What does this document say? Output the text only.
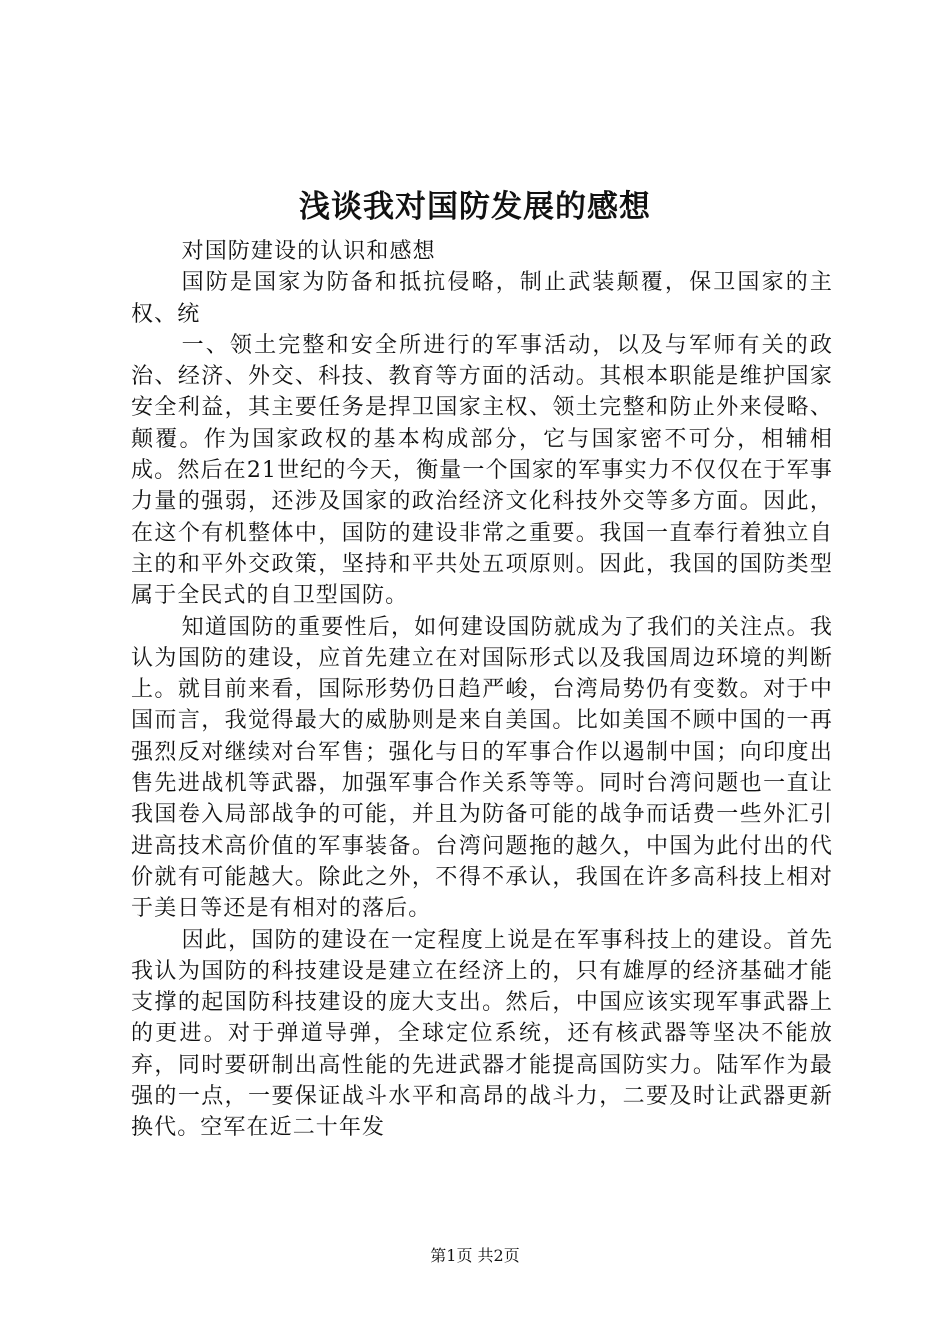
浅谈我对国防发展的感想

对国防建设的认识和感想

国防是国家为防备和抵抗侵略，制止武装颠覆，保卫国家的主权、统

一、领土完整和安全所进行的军事活动，以及与军师有关的政治、经济、外交、科技、教育等方面的活动。其根本职能是维护国家安全利益，其主要任务是捍卫国家主权、领土完整和防止外来侵略、颠覆。作为国家政权的基本构成部分，它与国家密不可分，相辅相成。然后在21世纪的今天，衡量一个国家的军事实力不仅仅在于军事力量的强弱，还涉及国家的政治经济文化科技外交等多方面。因此，在这个有机整体中，国防的建设非常之重要。我国一直奉行着独立自主的和平外交政策，坚持和平共处五项原则。因此，我国的国防类型属于全民式的自卫型国防。

知道国防的重要性后，如何建设国防就成为了我们的关注点。我认为国防的建设，应首先建立在对国际形式以及我国周边环境的判断上。就目前来看，国际形势仍日趋严峻，台湾局势仍有变数。对于中国而言，我觉得最大的威胁则是来自美国。比如美国不顾中国的一再强烈反对继续对台军售；强化与日的军事合作以遏制中国；向印度出售先进战机等武器，加强军事合作关系等等。同时台湾问题也一直让我国卷入局部战争的可能，并且为防备可能的战争而话费一些外汇引进高技术高价值的军事装备。台湾问题拖的越久，中国为此付出的代价就有可能越大。除此之外，不得不承认，我国在许多高科技上相对于美日等还是有相对的落后。

因此，国防的建设在一定程度上说是在军事科技上的建设。首先我认为国防的科技建设是建立在经济上的，只有雄厚的经济基础才能支撑的起国防科技建设的庞大支出。然后，中国应该实现军事武器上的更进。对于弹道导弹，全球定位系统，还有核武器等坚决不能放弃，同时要研制出高性能的先进武器才能提高国防实力。陆军作为最强的一点，一要保证战斗水平和高昂的战斗力，二要及时让武器更新换代。空军在近二十年发

第1页 共2页
